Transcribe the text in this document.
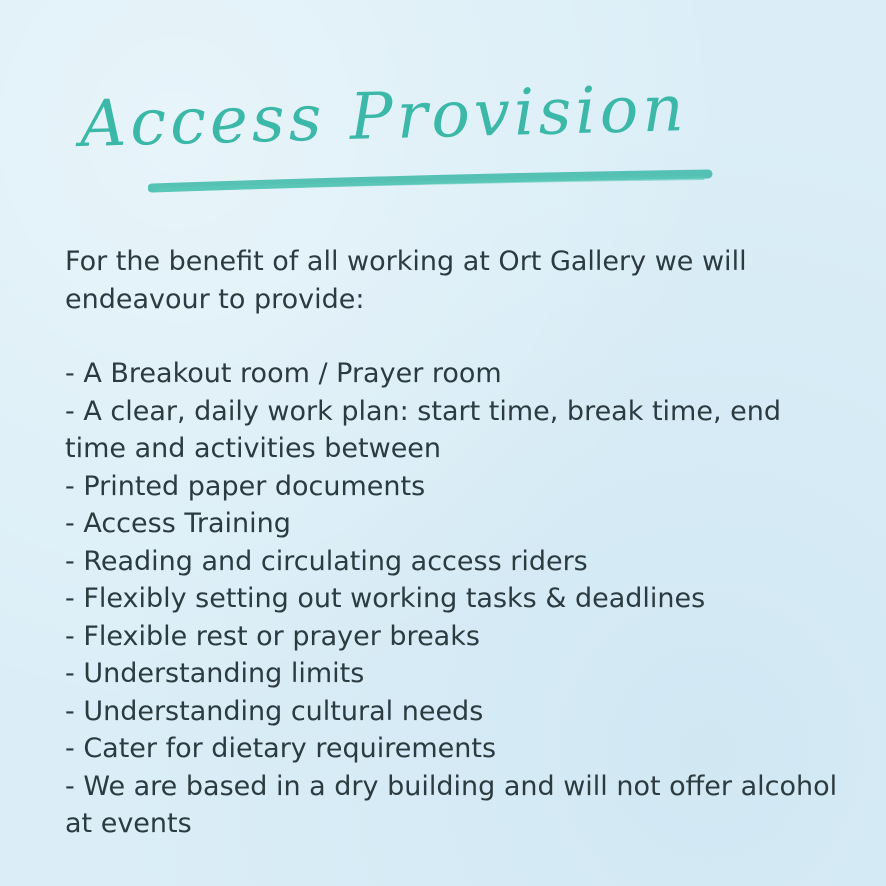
Access Provision

For the benefit of all working at Ort Gallery we will endeavour to provide:

- A Breakout room / Prayer room
- A clear, daily work plan: start time, break time, end time and activities between
- Printed paper documents
- Access Training
- Reading and circulating access riders
- Flexibly setting out working tasks & deadlines
- Flexible rest or prayer breaks
- Understanding limits
- Understanding cultural needs
- Cater for dietary requirements
- We are based in a dry building and will not offer alcohol at events
